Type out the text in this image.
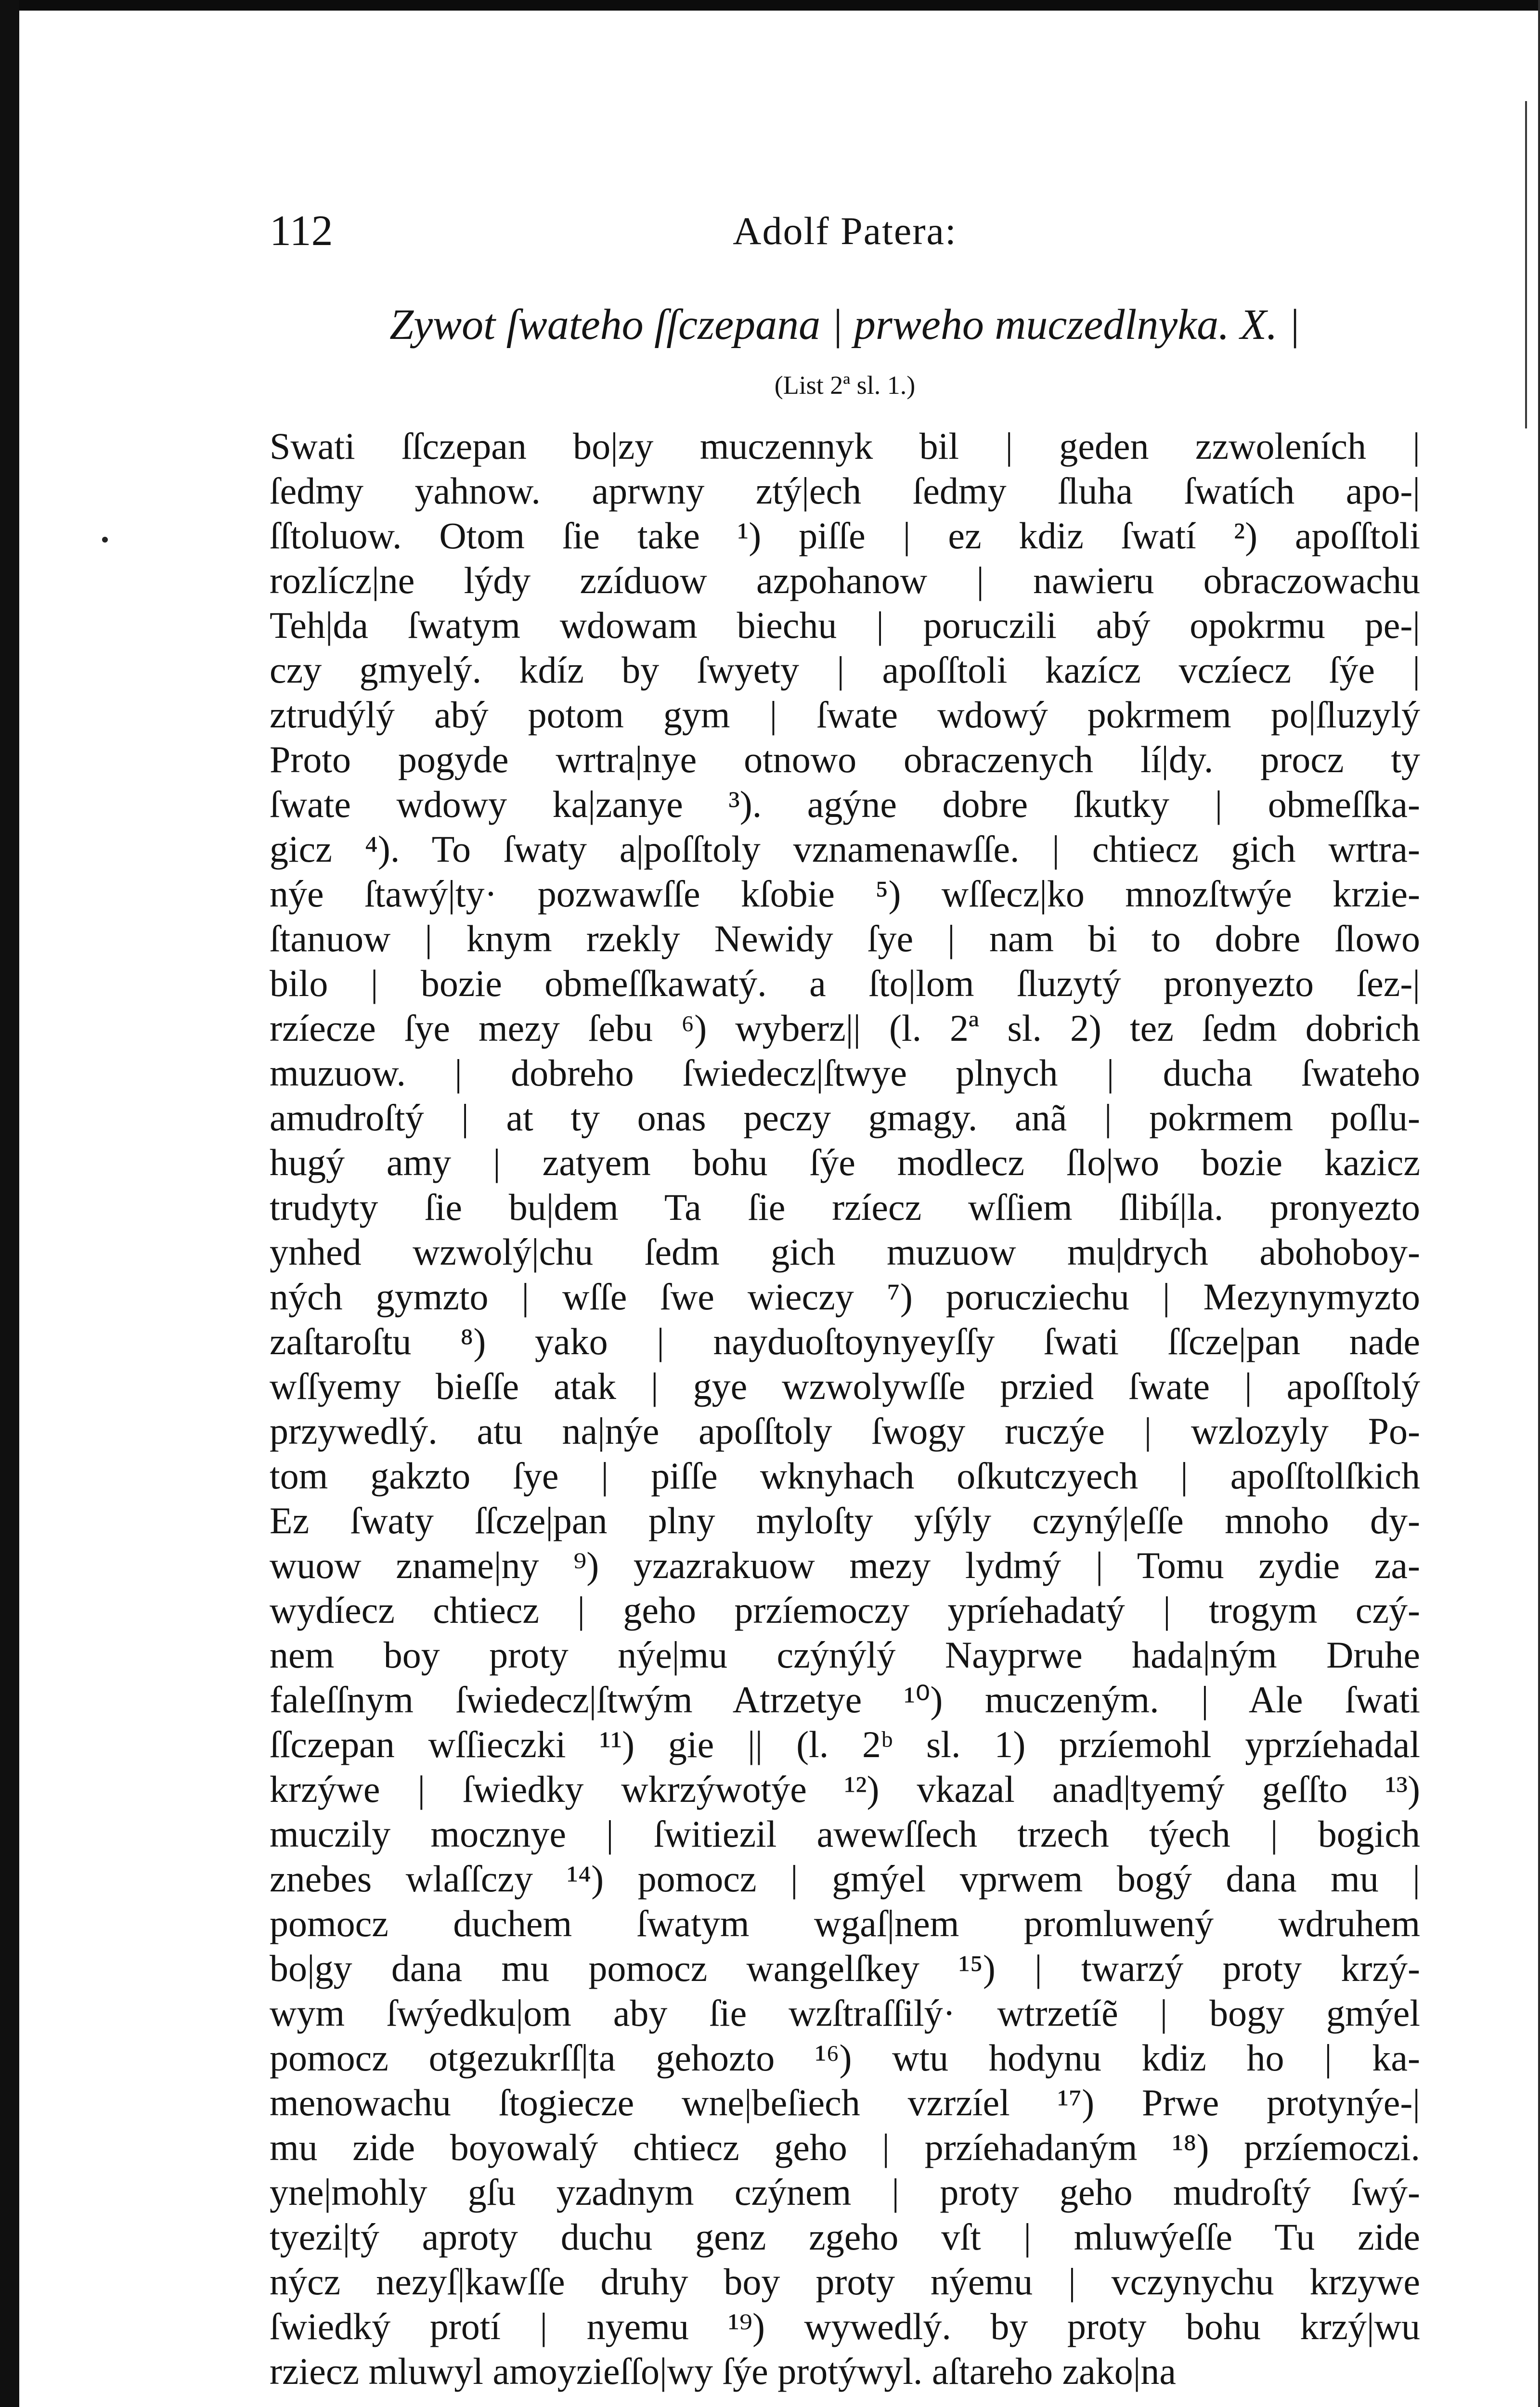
112	Adolf Patera:
Zywot ſwateho ſſczepana | prweho muczedlnyka. X. |
(List 2ª sl. 1.)
Swati ſſczepan bo|zy muczennyk bil | geden zzwoleních |
ſedmy yahnow. aprwny ztý|ech ſedmy ſluha ſwatích apo-|
ſſtoluow. Otom ſie take ¹) piſſe | ez kdiz ſwatí ²) apoſſtoli
rozlícz|ne lýdy zzíduow azpohanow | nawieru obraczowachu
Teh|da ſwatym wdowam biechu | poruczili abý opokrmu pe-|
czy gmyelý. kdíz by ſwyety | apoſſtoli kazícz vczíecz ſýe |
ztrudýlý abý potom gym | ſwate wdowý pokrmem po|ſluzylý
Proto pogyde wrtra|nye otnowo obraczenych lí|dy. procz ty
ſwate wdowy ka|zanye ³). agýne dobre ſkutky | obmeſſka-
gicz ⁴). To ſwaty a|poſſtoly vznamenawſſe. | chtiecz gich wrtra-
nýe ſtawý|ty· pozwawſſe kſobie ⁵) wſſecz|ko mnozſtwýe krzie-
ſtanuow | knym rzekly Newidy ſye | nam bi to dobre ſlowo
bilo | bozie obmeſſkawatý. a ſto|lom ſluzytý pronyezto ſez-|
rzíecze ſye mezy ſebu ⁶) wyberz|| (l. 2ª sl. 2) tez ſedm dobrich
muzuow. | dobreho ſwiedecz|ſtwye plnych | ducha ſwateho
amudroſtý | at ty onas peczy gmagy. anã | pokrmem poſlu-
hugý amy | zatyem bohu ſýe modlecz ſlo|wo bozie kazicz
trudyty ſie bu|dem Ta ſie rzíecz wſſiem ſlibí|la. pronyezto
ynhed wzwolý|chu ſedm gich muzuow mu|drych abohoboy-
ných gymzto | wſſe ſwe wieczy ⁷) porucziechu | Mezynymyzto
zaſtaroſtu ⁸) yako | nayduoſtoynyeyſſy ſwati ſſcze|pan nade
wſſyemy bieſſe atak | gye wzwolywſſe przied ſwate | apoſſtolý
przywedlý. atu na|nýe apoſſtoly ſwogy ruczýe | wzlozyly Po-
tom gakzto ſye | piſſe wknyhach oſkutczyech | apoſſtolſkich
Ez ſwaty ſſcze|pan plny myloſty yſýly czyný|eſſe mnoho dy-
wuow zname|ny ⁹) yzazrakuow mezy lydmý | Tomu zydie za-
wydíecz chtiecz | geho przíemoczy ypríehadatý | trogym czý-
nem boy proty nýe|mu czýnýlý Nayprwe hada|ným Druhe
faleſſnym ſwiedecz|ſtwým Atrzetye ¹⁰) muczeným. | Ale ſwati
ſſczepan wſſieczki ¹¹) gie || (l. 2ᵇ sl. 1) przíemohl yprzíehadal
krzýwe | ſwiedky wkrzýwotýe ¹²) vkazal anad|tyemý geſſto ¹³)
muczily mocznye | ſwitiezil awewſſech trzech týech | bogich
znebes wlaſſczy ¹⁴) pomocz | gmýel vprwem bogý dana mu |
pomocz duchem ſwatym wgaſ|nem promluwený wdruhem
bo|gy dana mu pomocz wangelſkey ¹⁵) | twarzý proty krzý-
wym ſwýedku|om aby ſie wzſtraſſilý· wtrzetíẽ | bogy gmýel
pomocz otgezukrſſ|ta gehozto ¹⁶) wtu hodynu kdiz ho | ka-
menowachu ſtogiecze wne|beſiech vzrzíel ¹⁷) Prwe protynýe-|
mu zide boyowalý chtiecz geho | przíehadaným ¹⁸) przíemoczi.
yne|mohly gſu yzadnym czýnem | proty geho mudroſtý ſwý-
tyezi|tý aproty duchu genz zgeho vſt | mluwýeſſe Tu zide
nýcz nezyſ|kawſſe druhy boy proty nýemu | vczynychu krzywe
ſwiedký protí | nyemu ¹⁹) wywedlý. by proty bohu krzý|wu
rziecz mluwyl amoyzieſſo|wy ſýe protýwyl. aſtareho zako|na
